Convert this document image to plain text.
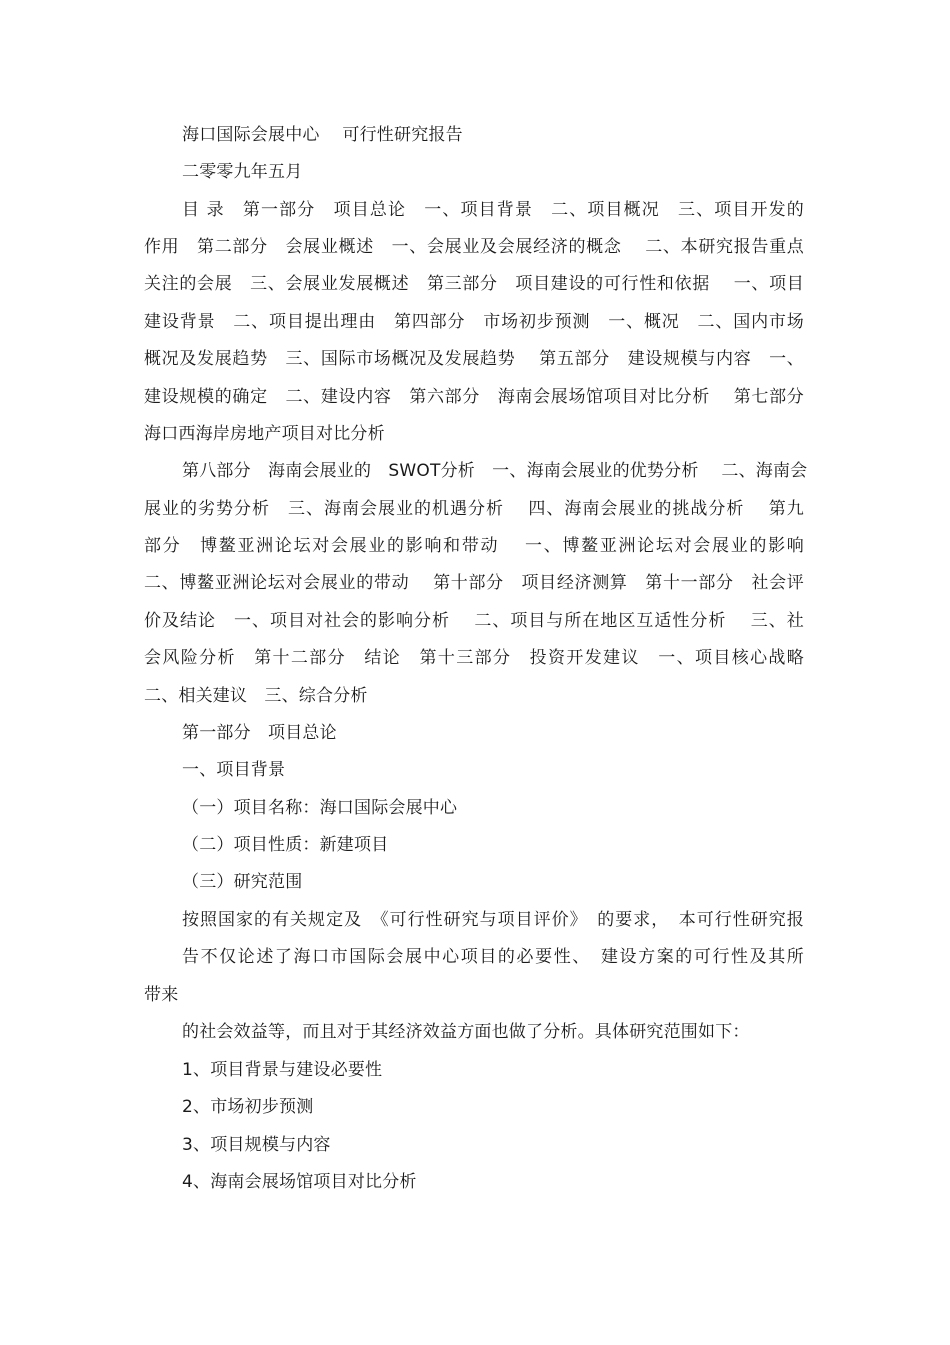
海口国际会展中心　 可行性研究报告
二零零九年五月
目 录　第一部分　项目总论　一、项目背景　二、项目概况　三、项目开发的
作用　第二部分　会展业概述　一、会展业及会展经济的概念　 二、本研究报告重点
关注的会展　三、会展业发展概述　第三部分　项目建设的可行性和依据　 一、项目
建设背景　二、项目提出理由　第四部分　市场初步预测　一、概况　二、国内市场
概况及发展趋势　三、国际市场概况及发展趋势　 第五部分　建设规模与内容　一、
建设规模的确定　二、建设内容　第六部分　海南会展场馆项目对比分析　 第七部分
海口西海岸房地产项目对比分析
第八部分　海南会展业的　SWOT分析　一、海南会展业的优势分析　 二、海南会
展业的劣势分析　三、海南会展业的机遇分析　 四、海南会展业的挑战分析　 第九
部分　博鳌亚洲论坛对会展业的影响和带动　 一、博鳌亚洲论坛对会展业的影响
二、博鳌亚洲论坛对会展业的带动　 第十部分　项目经济测算　第十一部分　社会评
价及结论　一、项目对社会的影响分析　 二、项目与所在地区互适性分析　 三、社
会风险分析　第十二部分　结论　第十三部分　投资开发建议　一、项目核心战略
二、相关建议　三、综合分析
第一部分　项目总论
一、项目背景
（一）项目名称：海口国际会展中心
（二）项目性质：新建项目
（三）研究范围
按照国家的有关规定及　《可行性研究与项目评价》　的要求，　本可行性研究报
告不仅论述了海口市国际会展中心项目的必要性、　建设方案的可行性及其所
带来
的社会效益等，而且对于其经济效益方面也做了分析。具体研究范围如下：
1、项目背景与建设必要性
2、市场初步预测
3、项目规模与内容
4、海南会展场馆项目对比分析
